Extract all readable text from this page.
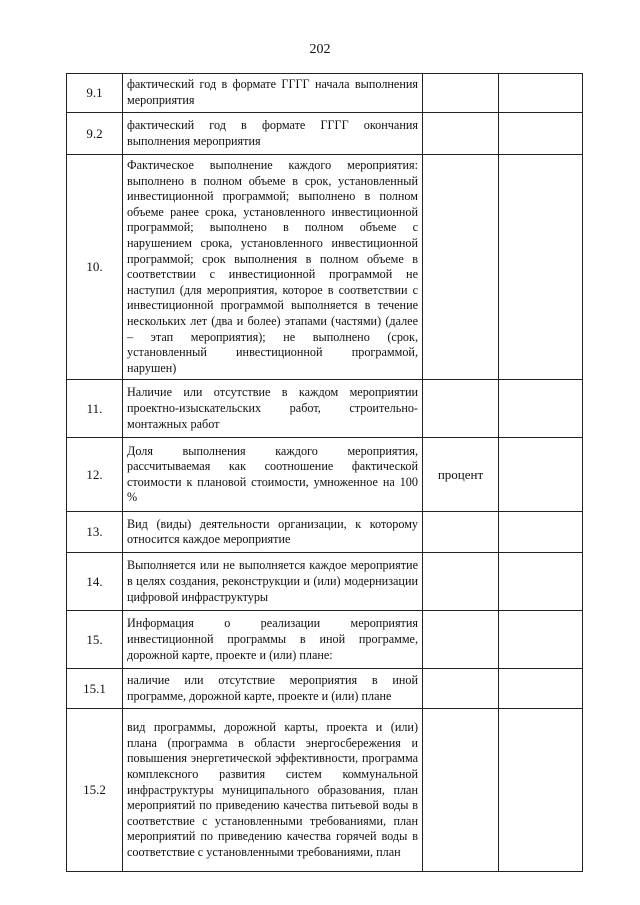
202
9.1	фактический год в формате ГГГГ начала выполнения мероприятия		
9.2	фактический год в формате ГГГГ окончания выполнения мероприятия		
10.	Фактическое выполнение каждого мероприятия: выполнено в полном объеме в срок, установленный инвестиционной программой; выполнено в полном объеме ранее срока, установленного инвестиционной программой; выполнено в полном объеме с нарушением срока, установленного инвестиционной программой; срок выполнения в полном объеме в соответствии с инвестиционной программой не наступил (для мероприятия, которое в соответствии с инвестиционной программой выполняется в течение нескольких лет (два и более) этапами (частями) (далее – этап мероприятия); не выполнено (срок, установленный инвестиционной программой, нарушен)		
11.	Наличие или отсутствие в каждом мероприятии проектно-изыскательских работ, строительно-монтажных работ		
12.	Доля выполнения каждого мероприятия, рассчитываемая как соотношение фактической стоимости к плановой стоимости, умноженное на 100 %	процент	
13.	Вид (виды) деятельности организации, к которому относится каждое мероприятие		
14.	Выполняется или не выполняется каждое мероприятие в целях создания, реконструкции и (или) модернизации цифровой инфраструктуры		
15.	Информация о реализации мероприятия инвестиционной программы в иной программе, дорожной карте, проекте и (или) плане:		
15.1	наличие или отсутствие мероприятия в иной программе, дорожной карте, проекте и (или) плане		
15.2	вид программы, дорожной карты, проекта и (или) плана (программа в области энергосбережения и повышения энергетической эффективности, программа комплексного развития систем коммунальной инфраструктуры муниципального образования, план мероприятий по приведению качества питьевой воды в соответствие с установленными требованиями, план мероприятий по приведению качества горячей воды в соответствие с установленными требованиями, план		
